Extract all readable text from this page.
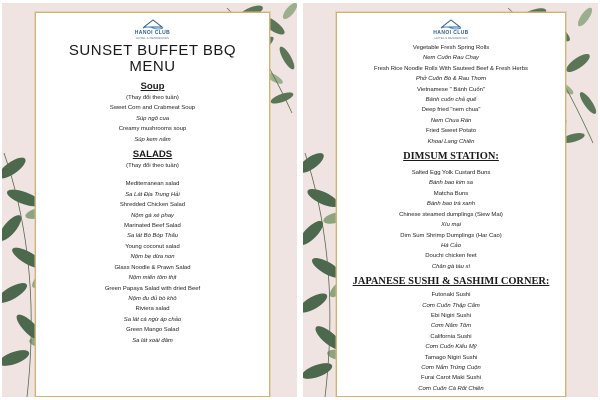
HANOI CLUB
HOTEL & RESIDENCES
SUNSET BUFFET BBQ
MENU
Soup
(Thay đổi theo tuần)
Sweet Corn and Crabmeat Soup
Súp ngô cua
Creamy mushrooms soup
Súp kem nấm
SALADS
(Thay đổi theo tuần)
Mediterranean salad
Sa Lát Địa Trung Hải
Shredded Chicken Salad
Nộm gà xé phay
Marinated Beef Salad
Sa lát Bò Bóp Thấu
Young coconut salad
Nộm bẹ dừa non
Glass Noodle & Prawn Salad
Nộm miến tôm thịt
Green Papaya Salad with dried Beef
Nộm đu đủ bò khô
Riviera salad
Sa lát cá ngừ áp chảo
Green Mango Salad
Sa lát xoài đâm
HANOI CLUB
HOTEL & RESIDENCES
Vegetable Fresh Spring Rolls
Nem Cuốn Rau Chay
Fresh Rice Noodle Rolls With Sauteed Beef & Fresh Herbs
Phở Cuốn Bò & Rau Thơm
Vietnamese " Bánh Cuốn"
Bánh cuốn chả quế
Deep fried "nem chua"
Nem Chua Rán
Fried Sweet Potato
Khoai Lang Chiên
DIMSUM STATION:
Salted Egg Yolk Custard Buns
Bánh bao kim sa
Matcha Buns
Bánh bao trà xanh
Chinese steamed dumplings (Siew Mai)
Xíu mại
Dim Sum Shrimp Dumplings (Har Cao)
Há Cảo
Douchi chicken feet
Chân gà tàu xì
JAPANESE SUSHI & SASHIMI CORNER:
Futonaki Sushi
Cơm Cuốn Thập Cẩm
Ebi Nigiri Sushi
Cơm Nắm Tôm
California Sushi
Cơm Cuốn Kiểu Mỹ
Tamago Nigiri Sushi
Cơm Nắm Trứng Cuộn
Furai Carot Maki Sushi
Cơm Cuốn Cà Rốt Chiên
